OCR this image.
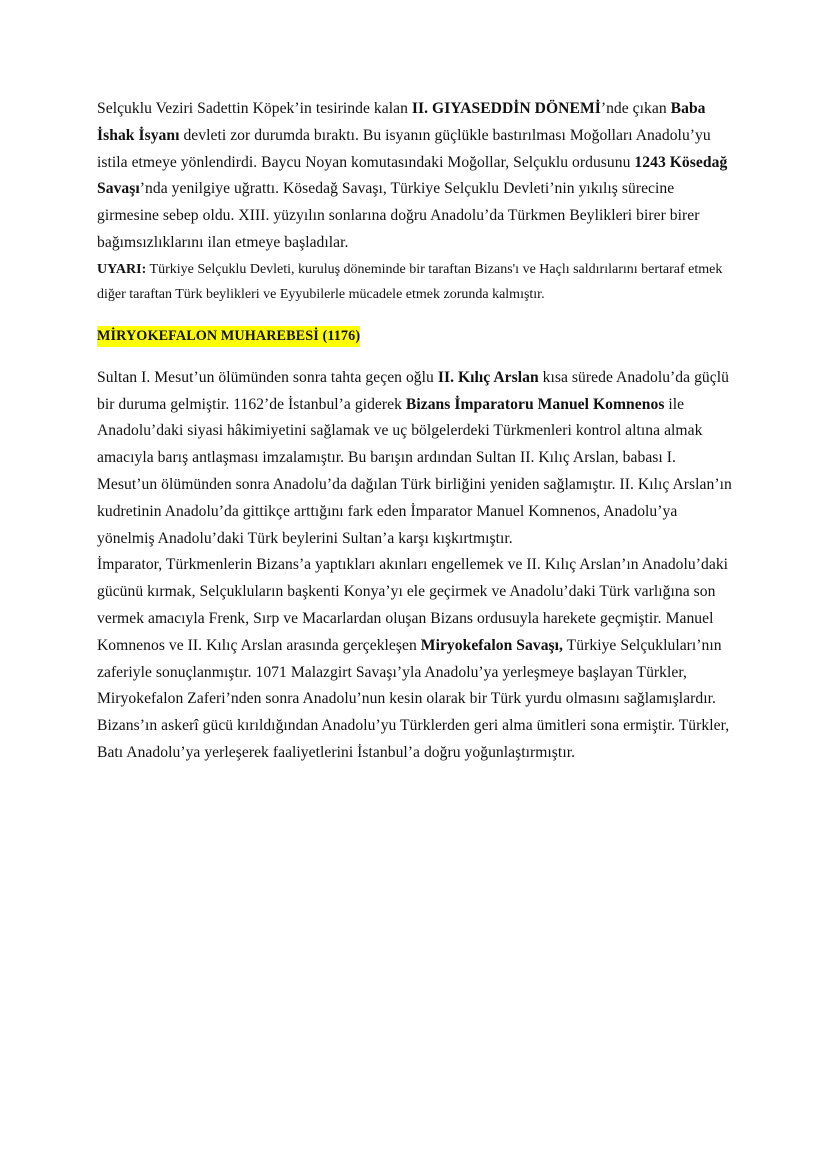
Selçuklu Veziri Sadettin Köpek’in tesirinde kalan II. GIYASEDDİN DÖNEMİ’nde çıkan Baba İshak İsyanı devleti zor durumda bıraktı. Bu isyanın güçlükle bastırılması Moğolları Anadolu’yu istila etmeye yönlendirdi. Baycu Noyan komutasındaki Moğollar, Selçuklu ordusunu 1243 Kösedağ Savaşı’nda yenilgiye uğrattı. Kösedağ Savaşı, Türkiye Selçuklu Devleti’nin yıkılış sürecine girmesine sebep oldu. XIII. yüzyılın sonlarına doğru Anadolu’da Türkmen Beylikleri birer birer bağımsızlıklarını ilan etmeye başladılar.

UYARI: Türkiye Selçuklu Devleti, kuruluş döneminde bir taraftan Bizans'ı ve Haçlı saldırılarını bertaraf etmek diğer taraftan Türk beylikleri ve Eyyubilerle mücadele etmek zorunda kalmıştır.

MİRYOKEFALON MUHAREBESİ (1176)

Sultan I. Mesut’un ölümünden sonra tahta geçen oğlu II. Kılıç Arslan kısa sürede Anadolu’da güçlü bir duruma gelmiştir. 1162’de İstanbul’a giderek Bizans İmparatoru Manuel Komnenos ile Anadolu’daki siyasi hâkimiyetini sağlamak ve uç bölgelerdeki Türkmenleri kontrol altına almak amacıyla barış antlaşması imzalamıştır. Bu barışın ardından Sultan II. Kılıç Arslan, babası I. Mesut’un ölümünden sonra Anadolu’da dağılan Türk birliğini yeniden sağlamıştır. II. Kılıç Arslan’ın kudretinin Anadolu’da gittikçe arttığını fark eden İmparator Manuel Komnenos, Anadolu’ya yönelmiş Anadolu’daki Türk beylerini Sultan’a karşı kışkırtmıştır.

İmparator, Türkmenlerin Bizans’a yaptıkları akınları engellemek ve II. Kılıç Arslan’ın Anadolu’daki gücünü kırmak, Selçukluların başkenti Konya’yı ele geçirmek ve Anadolu’daki Türk varlığına son vermek amacıyla Frenk, Sırp ve Macarlardan oluşan Bizans ordusuyla harekete geçmiştir. Manuel Komnenos ve II. Kılıç Arslan arasında gerçekleşen Miryokefalon Savaşı, Türkiye Selçukluları’nın zaferiyle sonuçlanmıştır. 1071 Malazgirt Savaşı’yla Anadolu’ya yerleşmeye başlayan Türkler, Miryokefalon Zaferi’nden sonra Anadolu’nun kesin olarak bir Türk yurdu olmasını sağlamışlardır. Bizans’ın askerî gücü kırıldığından Anadolu’yu Türklerden geri alma ümitleri sona ermiştir. Türkler, Batı Anadolu’ya yerleşerek faaliyetlerini İstanbul’a doğru yoğunlaştırmıştır.
